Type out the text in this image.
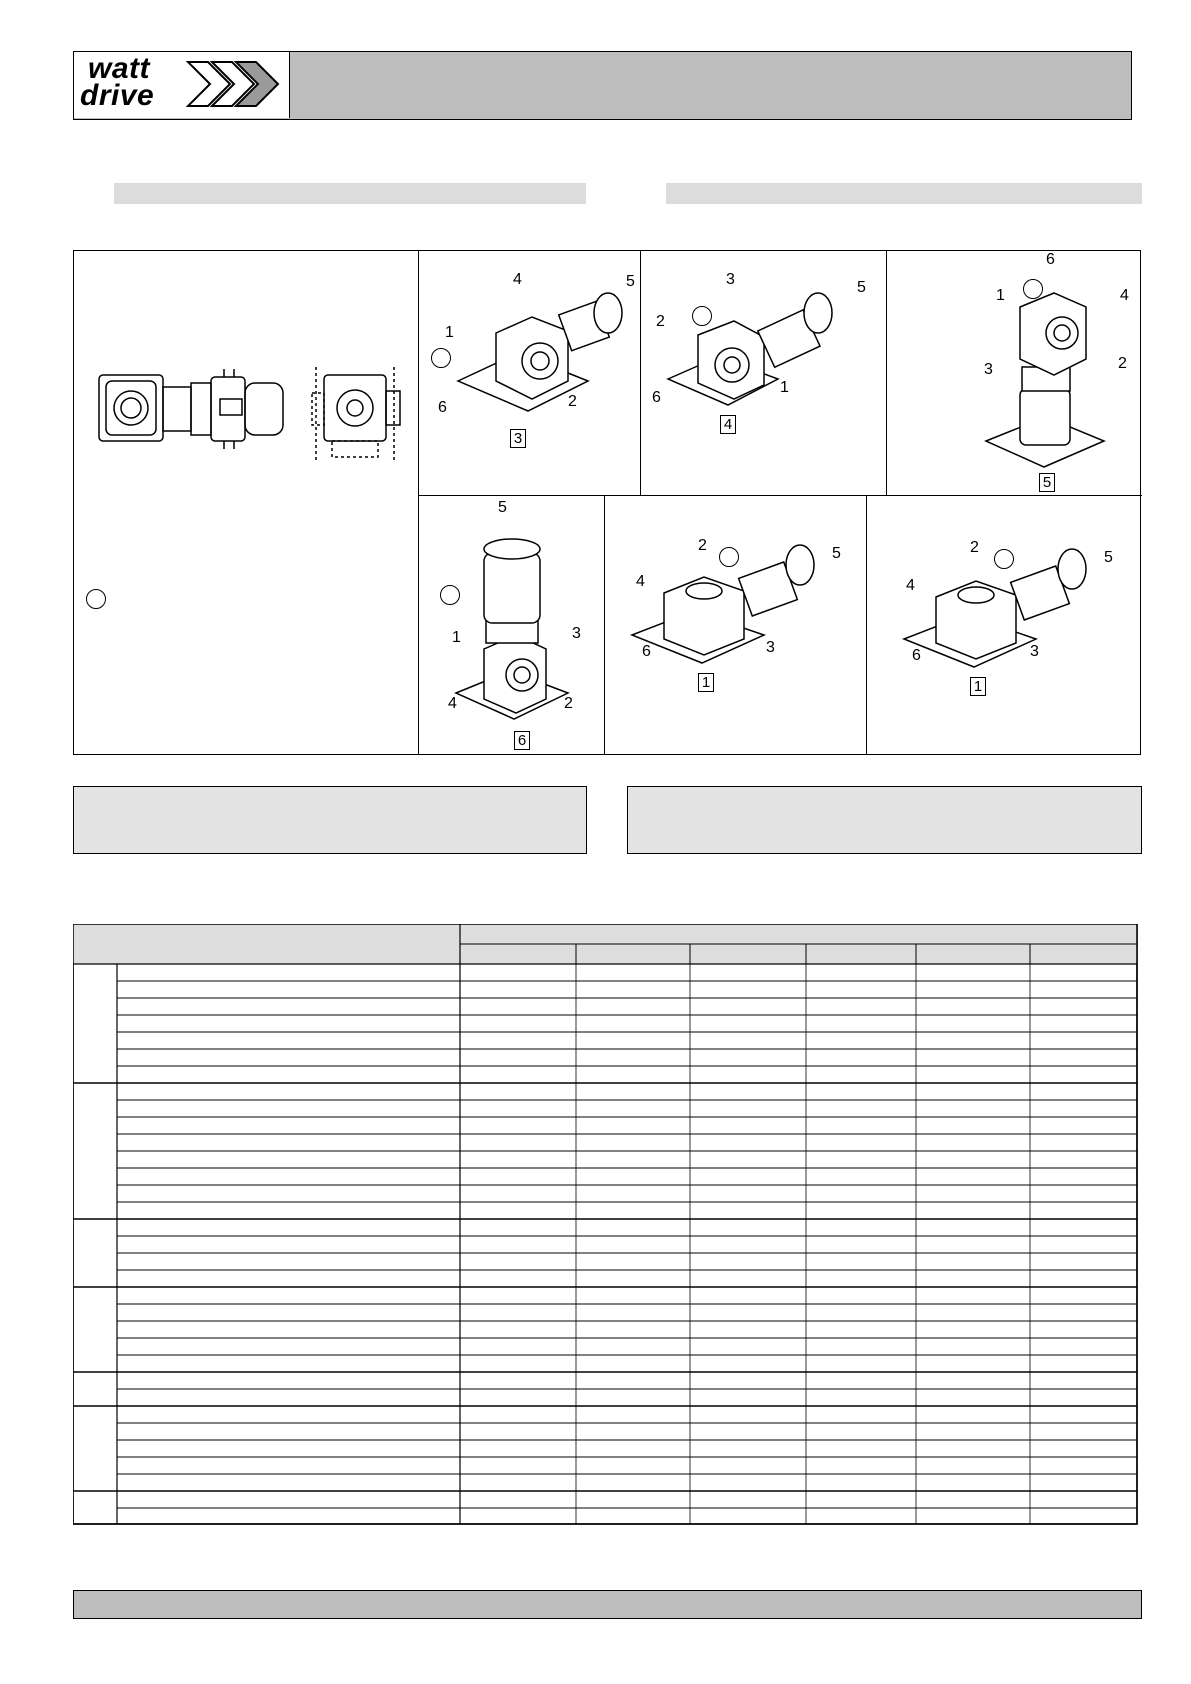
watt
drive
4	5
1
6	2
3
3	5
2
6
1
4
6
1	4
3	2
5
5
1	3
4	2
6
2
4
5
6	3
1
2
4
5
6	3
1
